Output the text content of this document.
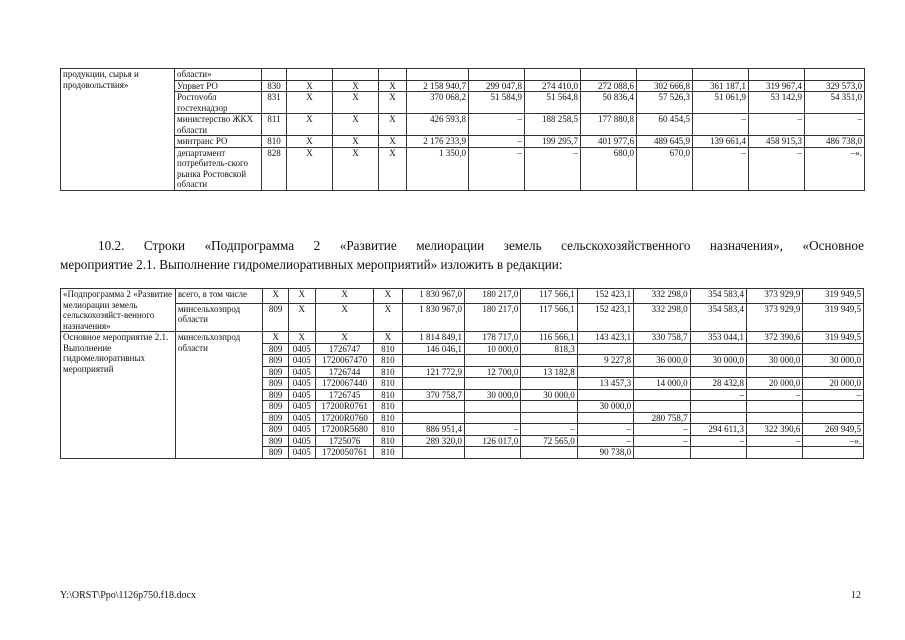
продукции, сырья и
продовольствия»	области»												
	Упрвет РО	830	Х	Х	Х	2 158 940,7	299 047,8	274 410,0	272 088,6	302 666,8	361 187,1	319 967,4	329 573,0
	Ростоvобл гостехнадзор	831	Х	Х	Х	370 068,2	51 584,9	51 564,8	50 836,4	57 526,3	51 061,9	53 142,9	54 351,0
	министерство ЖКХ области	811	Х	Х	Х	426 593,8	–	188 258,5	177 880,8	60 454,5	–	–	–
	минтранс РО	810	Х	Х	Х	2 176 233,9	–	199 295,7	401 977,6	489 645,9	139 661,4	458 915,3	486 738,0
	департамент потребитель-ского рынка Ростовской области	828	Х	Х	Х	1 350,0	–	–	680,0	670,0	–	–	–».

10.2. Строки «Подпрограмма 2 «Развитие мелиорации земель сельскохозяйственного назначения», «Основное

мероприятие 2.1. Выполнение гидромелиоративных мероприятий» изложить в редакции:

«Подпрограмма 2 «Развитие мелиорации земель сельскохозяйст-венного назначения»	всего, в том числе	Х	Х	Х	Х	1 830 967,0	180 217,0	117 566,1	152 423,1	332 298,0	354 583,4	373 929,9	319 949,5
	минсельхозпрод области	809	Х	Х	Х	1 830 967,0	180 217,0	117 566,1	152 423,1	332 298,0	354 583,4	373 929,9	319 949,5
Основное мероприятие 2.1. Выполнение гидромелиоративных мероприятий	минсельхозпрод области	Х	Х	Х	Х	1 814 849,1	178 717,0	116 566,1	143 423,1	330 758,7	353 044,1	372 390,6	319 949,5
		809	0405	1726747	810	146 046,1	10 000,0	818,3					
		809	0405	1720067470	810				9 227,8	36 000,0	30 000,0	30 000,0	30 000,0
		809	0405	1726744	810	121 772,9	12 700,0	13 182,8					
		809	0405	1720067440	810				13 457,3	14 000,0	28 432,8	20 000,0	20 000,0
		809	0405	1726745	810	370 758,7	30 000,0	30 000,0			–	–	–
		809	0405	17200R0761	810				30 000,0				
		809	0405	17200R0760	810					280 758,7			
		809	0405	17200R5680	810	886 951,4	–	–	–	–	294 611,3	322 390,6	269 949,5
		809	0405	1725076	810	289 320,0	126 017,0	72 565,0	–	–	–	–	–».
		809	0405	1720050761	810				90 738,0				
Y:\ORST\Ppo\1126p750.f18.docx	12
